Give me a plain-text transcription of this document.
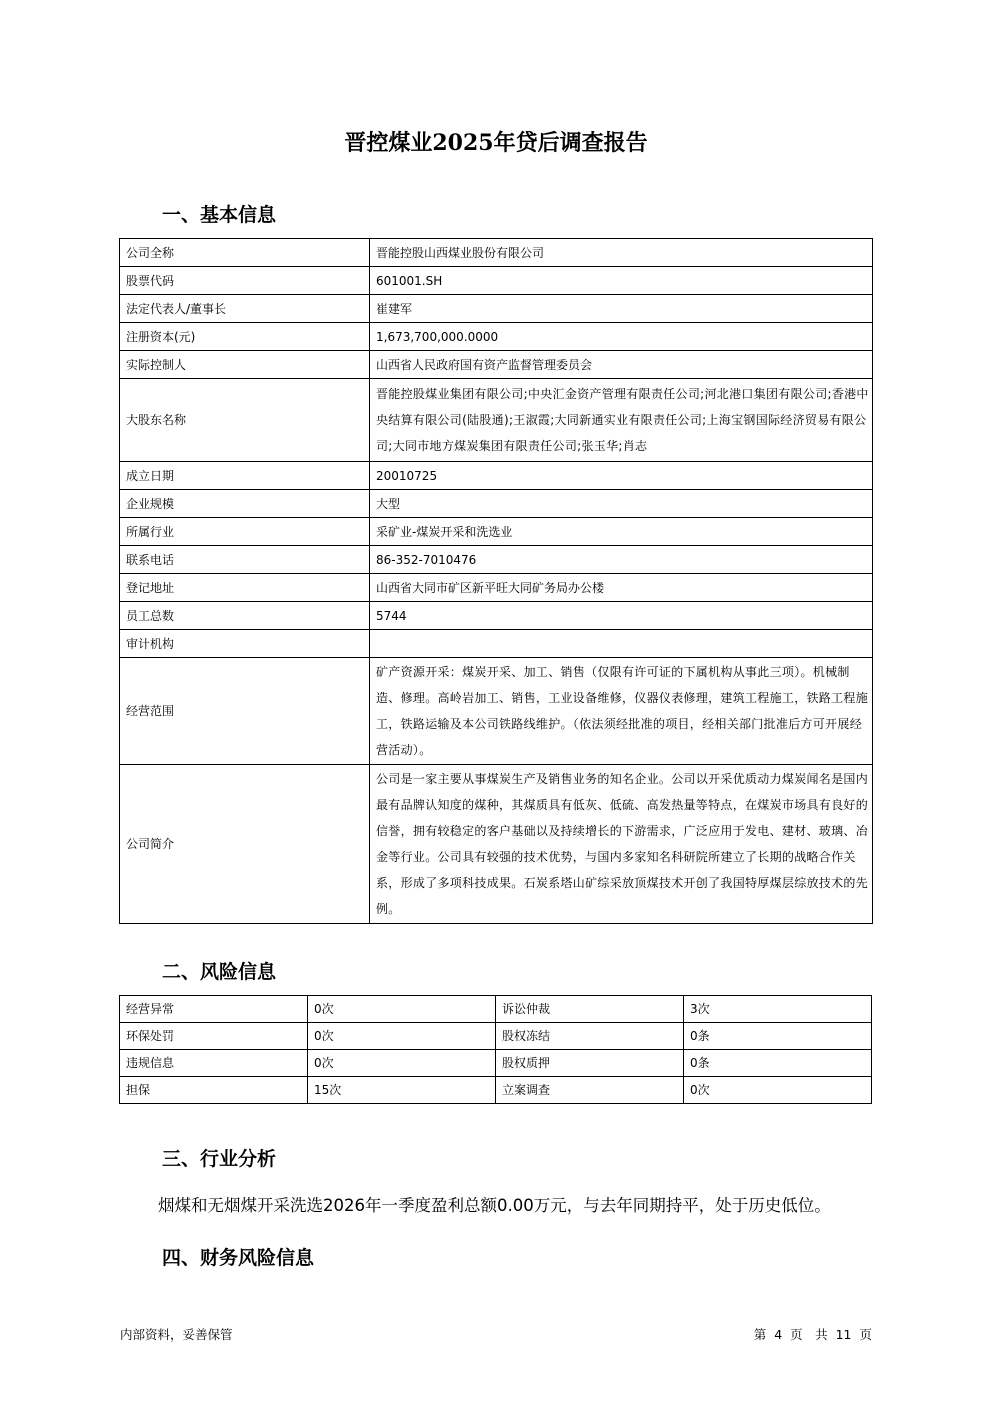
晋控煤业2025年贷后调查报告
一、基本信息
公司全称	晋能控股山西煤业股份有限公司
股票代码	601001.SH
法定代表人/董事长	崔建军
注册资本(元)	1,673,700,000.0000
实际控制人	山西省人民政府国有资产监督管理委员会
大股东名称	晋能控股煤业集团有限公司;中央汇金资产管理有限责任公司;河北港口集团有限公司;香港中央结算有限公司(陆股通);王淑霞;大同新通实业有限责任公司;上海宝钢国际经济贸易有限公司;大同市地方煤炭集团有限责任公司;张玉华;肖志
成立日期	20010725
企业规模	大型
所属行业	采矿业-煤炭开采和洗选业
联系电话	86-352-7010476
登记地址	山西省大同市矿区新平旺大同矿务局办公楼
员工总数	5744
审计机构	
经营范围	矿产资源开采：煤炭开采、加工、销售（仅限有许可证的下属机构从事此三项）。机械制造、修理。高岭岩加工、销售，工业设备维修，仪器仪表修理，建筑工程施工，铁路工程施工，铁路运输及本公司铁路线维护。（依法须经批准的项目，经相关部门批准后方可开展经营活动）。
公司简介	公司是一家主要从事煤炭生产及销售业务的知名企业。公司以开采优质动力煤炭闻名是国内最有品牌认知度的煤种，其煤质具有低灰、低硫、高发热量等特点，在煤炭市场具有良好的信誉，拥有较稳定的客户基础以及持续增长的下游需求，广泛应用于发电、建材、玻璃、冶金等行业。公司具有较强的技术优势，与国内多家知名科研院所建立了长期的战略合作关系，形成了多项科技成果。石炭系塔山矿综采放顶煤技术开创了我国特厚煤层综放技术的先例。
二、风险信息
经营异常	0次	诉讼仲裁	3次
环保处罚	0次	股权冻结	0条
违规信息	0次	股权质押	0条
担保	15次	立案调查	0次
三、行业分析

烟煤和无烟煤开采洗选2026年一季度盈利总额0.00万元，与去年同期持平，处于历史低位。

四、财务风险信息
内部资料，妥善保管	第 4 页　共 11 页
